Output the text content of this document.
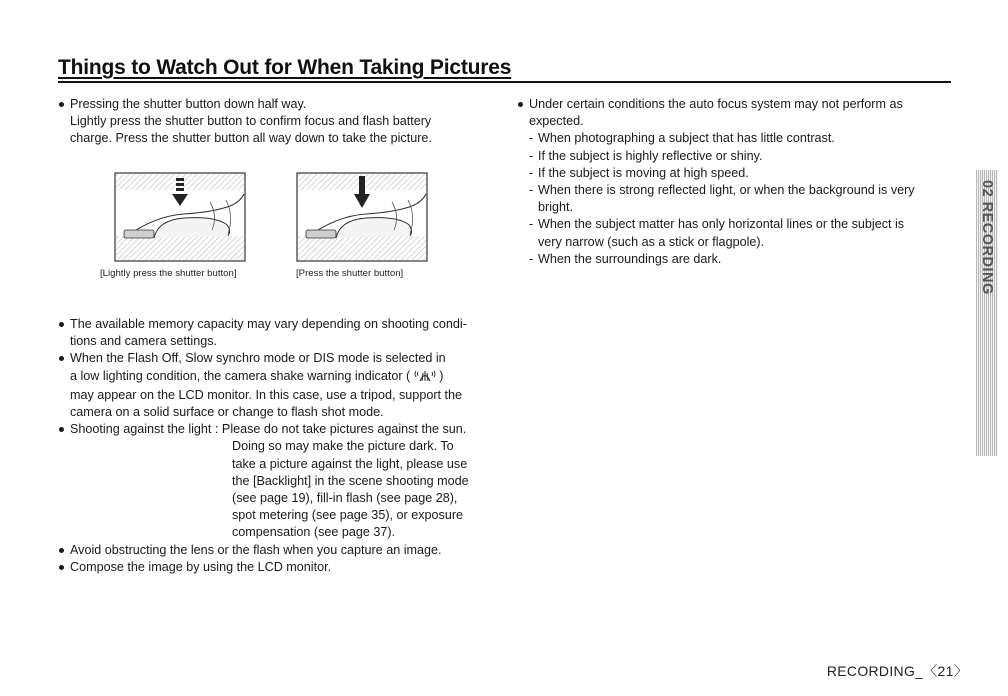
Things to Watch Out for When Taking Pictures
Pressing the shutter button down half way.
Lightly press the shutter button to confirm focus and flash battery
charge. Press the shutter button all way down to take the picture.
[Lightly press the shutter button]	[Press the shutter button]
The available memory capacity may vary depending on shooting condi-
tions and camera settings.
When the Flash Off, Slow synchro mode or DIS mode is selected in
a low lighting condition, the camera shake warning indicator ( )
may appear on the LCD monitor. In this case, use a tripod, support the
camera on a solid surface or change to flash shot mode.
Shooting against the light : Please do not take pictures against the sun.
Doing so may make the picture dark. To
take a picture against the light, please use
the [Backlight] in the scene shooting mode
(see page 19), fill-in flash (see page 28),
spot metering (see page 35), or exposure
compensation (see page 37).
Avoid obstructing the lens or the flash when you capture an image.
Compose the image by using the LCD monitor.
Under certain conditions the auto focus system may not perform as
expected.
- When photographing a subject that has little contrast.
- If the subject is highly reflective or shiny.
- If the subject is moving at high speed.
- When there is strong reflected light, or when the background is very
bright.
- When the subject matter has only horizontal lines or the subject is
very narrow (such as a stick or flagpole).
- When the surroundings are dark.	02 RECORDING
RECORDING_〈21〉
